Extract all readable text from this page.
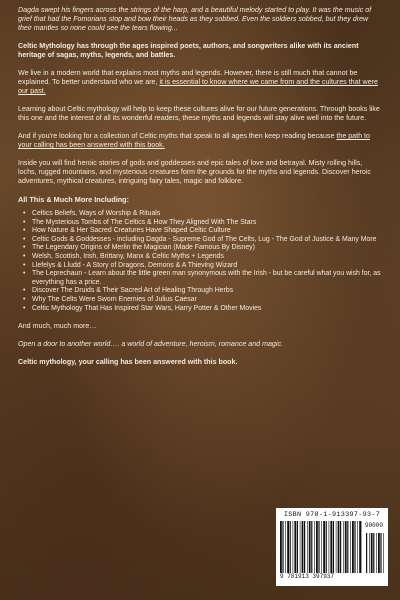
Dagda swept his fingers across the strings of the harp, and a beautiful melody started to play. It was the music of grief that had the Fomorians stop and bow their heads as they sobbed. Even the soldiers sobbed, but they drew their mantles so none could see the tears flowing...

Celtic Mythology has through the ages inspired poets, authors, and songwriters alike with its ancient heritage of sagas, myths, legends, and battles.

We live in a modern world that explains most myths and legends. However, there is still much that cannot be explained. To better understand who we are, it is essential to know where we came from and the cultures that were our past.

Learning about Celtic mythology will help to keep these cultures alive for our future generations. Through books like this one and the interest of all its wonderful readers, these myths and legends will stay alive well into the future.

And if you're looking for a collection of Celtic myths that speak to all ages then keep reading because the path to your calling has been answered with this book.

Inside you will find heroic stories of gods and goddesses and epic tales of love and betrayal. Misty rolling hills, lochs, rugged mountains, and mysterious creatures form the grounds for the myths and legends. Discover heroic adventures, mythical creatures, intriguing fairy tales, magic and folklore.

All This & Much More Including:

• Celtics Beliefs, Ways of Worship & Rituals
• The Mysterious Tombs of The Celtics & How They Aligned With The Stars
• How Nature & Her Sacred Creatures Have Shaped Celtic Culture
• Celtic Gods & Goddesses - including Dagda - Supreme God of The Celts, Lug - The God of Justice & Many More
• The Legendary Origins of Merlin the Magician (Made Famous By Disney)
• Welsh, Scottish, Irish, Brittany, Manx & Celtic Myths + Legends
• Llefelys & Lludd - A Story of Dragons, Demons & A Thieving Wizard
• The Leprechaun - Learn about the little green man synonymous with the Irish - but be careful what you wish for, as everything has a price.
• Discover The Druids & Their Sacred Art of Healing Through Herbs
• Why The Celts Were Sworn Enemies of Julius Caesar
• Celtic Mythology That Has Inspired Star Wars, Harry Potter & Other Movies

And much, much more…

Open a door to another world…. a world of adventure, heroism, romance and magic.

Celtic mythology, your calling has been answered with this book.

ISBN 978-1-913397-93-7
90000
9 781913 397937
